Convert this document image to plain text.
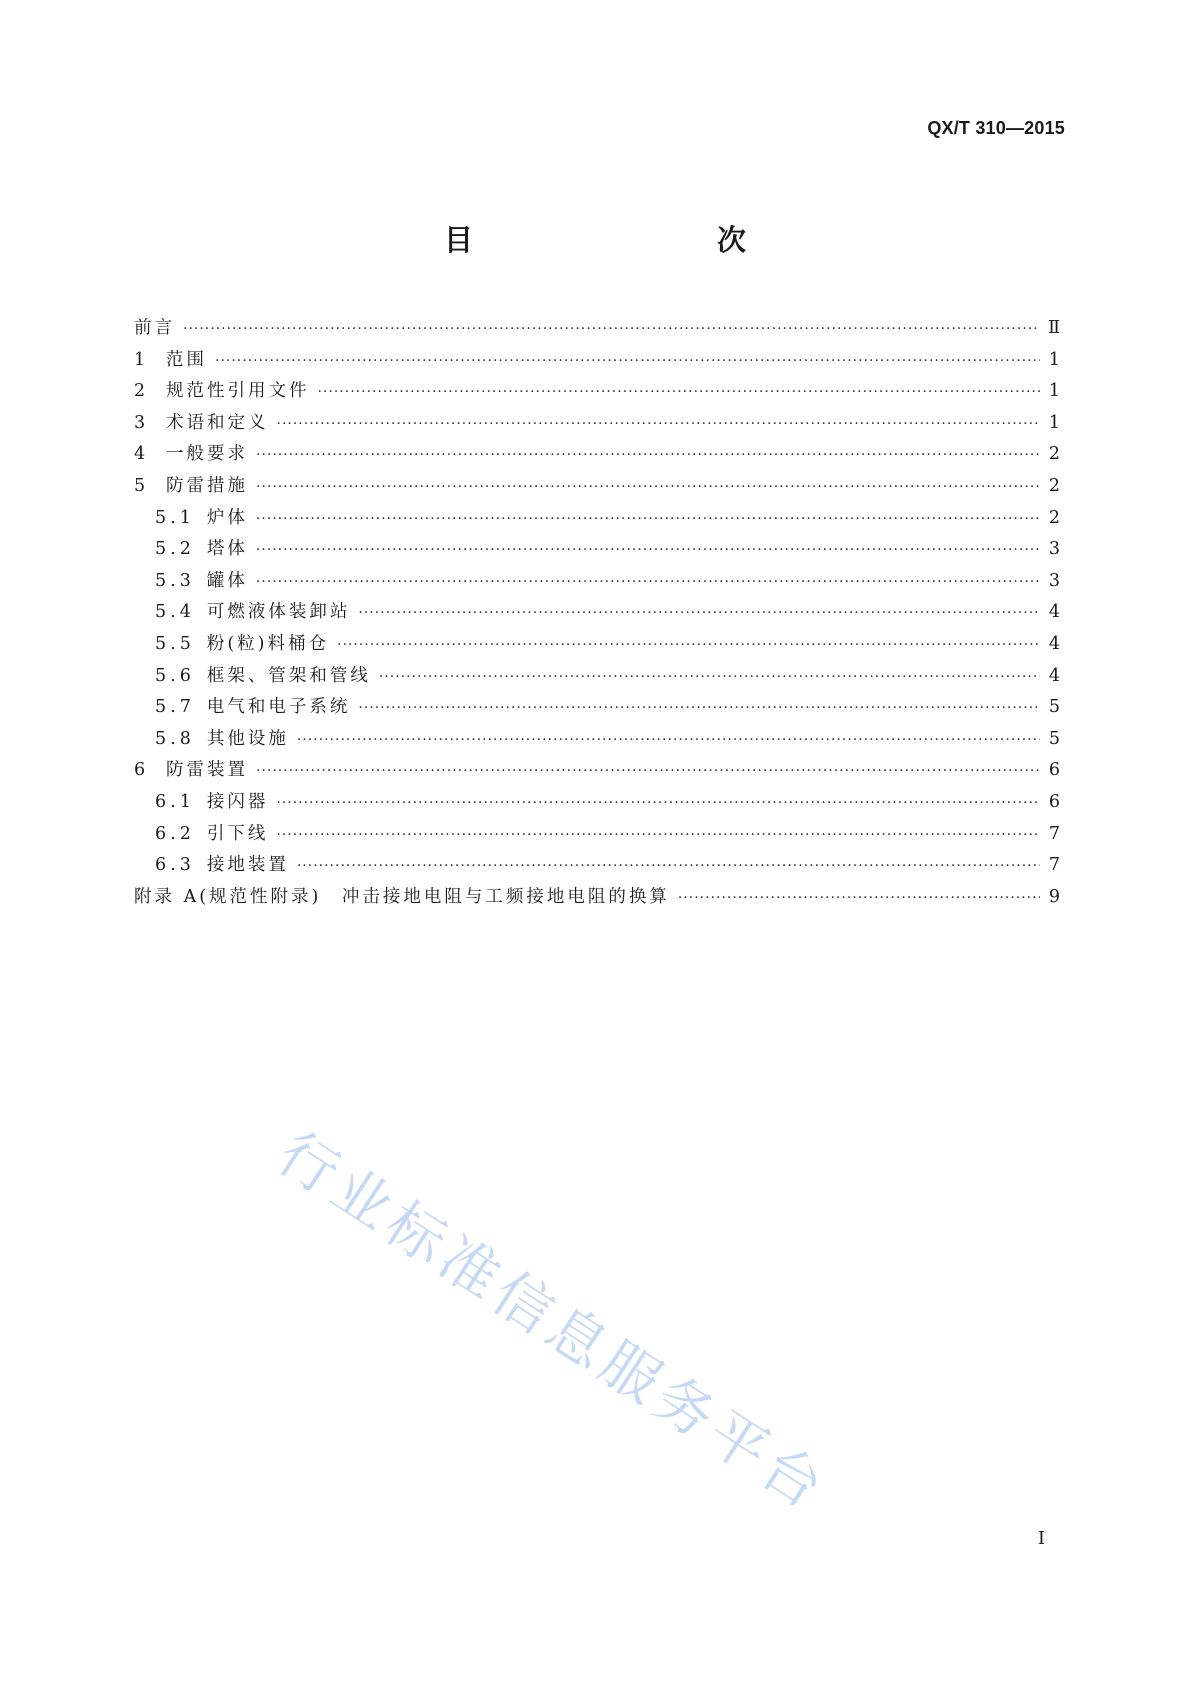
QX/T 310—2015
目　　次
前言 ·····	Ⅱ
1 范围 ·····	1
2 规范性引用文件 ·····	1
3 术语和定义 ·····	1
4 一般要求 ·····	2
5 防雷措施 ·····	2
5.1 炉体 ·····	2
5.2 塔体 ·····	3
5.3 罐体 ·····	3
5.4 可燃液体装卸站 ·····	4
5.5 粉(粒)料桶仓 ·····	4
5.6 框架、管架和管线 ·····	4
5.7 电气和电子系统 ·····	5
5.8 其他设施 ·····	5
6 防雷装置 ·····	6
6.1 接闪器 ·····	6
6.2 引下线 ·····	7
6.3 接地装置 ·····	7
附录 A(规范性附录)　冲击接地电阻与工频接地电阻的换算 ·····	9
行业标准信息服务平台
I
